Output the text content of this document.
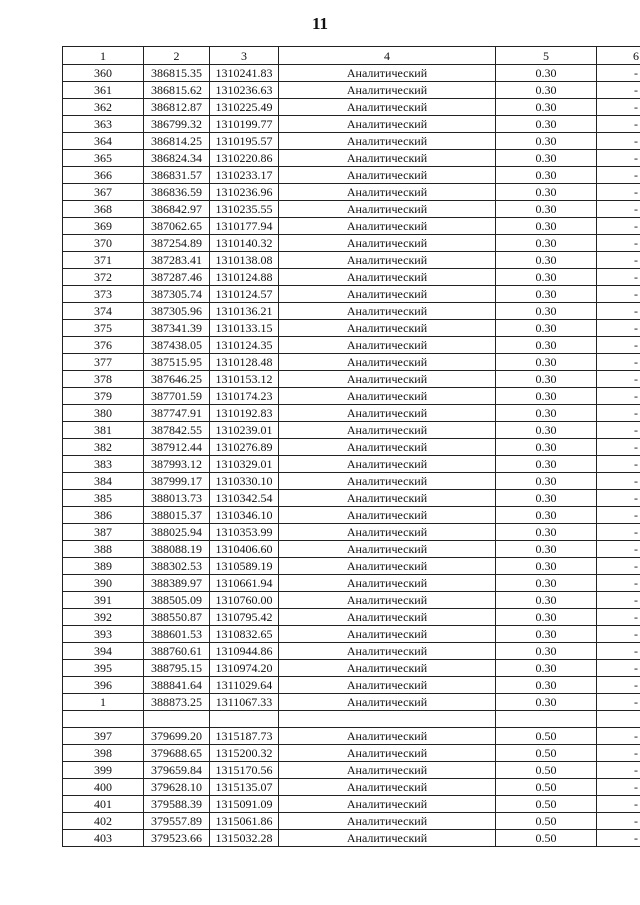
11
1	2	3	4	5	6
360	386815.35	1310241.83	Аналитический	0.30	-
361	386815.62	1310236.63	Аналитический	0.30	-
362	386812.87	1310225.49	Аналитический	0.30	-
363	386799.32	1310199.77	Аналитический	0.30	-
364	386814.25	1310195.57	Аналитический	0.30	-
365	386824.34	1310220.86	Аналитический	0.30	-
366	386831.57	1310233.17	Аналитический	0.30	-
367	386836.59	1310236.96	Аналитический	0.30	-
368	386842.97	1310235.55	Аналитический	0.30	-
369	387062.65	1310177.94	Аналитический	0.30	-
370	387254.89	1310140.32	Аналитический	0.30	-
371	387283.41	1310138.08	Аналитический	0.30	-
372	387287.46	1310124.88	Аналитический	0.30	-
373	387305.74	1310124.57	Аналитический	0.30	-
374	387305.96	1310136.21	Аналитический	0.30	-
375	387341.39	1310133.15	Аналитический	0.30	-
376	387438.05	1310124.35	Аналитический	0.30	-
377	387515.95	1310128.48	Аналитический	0.30	-
378	387646.25	1310153.12	Аналитический	0.30	-
379	387701.59	1310174.23	Аналитический	0.30	-
380	387747.91	1310192.83	Аналитический	0.30	-
381	387842.55	1310239.01	Аналитический	0.30	-
382	387912.44	1310276.89	Аналитический	0.30	-
383	387993.12	1310329.01	Аналитический	0.30	-
384	387999.17	1310330.10	Аналитический	0.30	-
385	388013.73	1310342.54	Аналитический	0.30	-
386	388015.37	1310346.10	Аналитический	0.30	-
387	388025.94	1310353.99	Аналитический	0.30	-
388	388088.19	1310406.60	Аналитический	0.30	-
389	388302.53	1310589.19	Аналитический	0.30	-
390	388389.97	1310661.94	Аналитический	0.30	-
391	388505.09	1310760.00	Аналитический	0.30	-
392	388550.87	1310795.42	Аналитический	0.30	-
393	388601.53	1310832.65	Аналитический	0.30	-
394	388760.61	1310944.86	Аналитический	0.30	-
395	388795.15	1310974.20	Аналитический	0.30	-
396	388841.64	1311029.64	Аналитический	0.30	-
1	388873.25	1311067.33	Аналитический	0.30	-

397	379699.20	1315187.73	Аналитический	0.50	-
398	379688.65	1315200.32	Аналитический	0.50	-
399	379659.84	1315170.56	Аналитический	0.50	-
400	379628.10	1315135.07	Аналитический	0.50	-
401	379588.39	1315091.09	Аналитический	0.50	-
402	379557.89	1315061.86	Аналитический	0.50	-
403	379523.66	1315032.28	Аналитический	0.50	-
